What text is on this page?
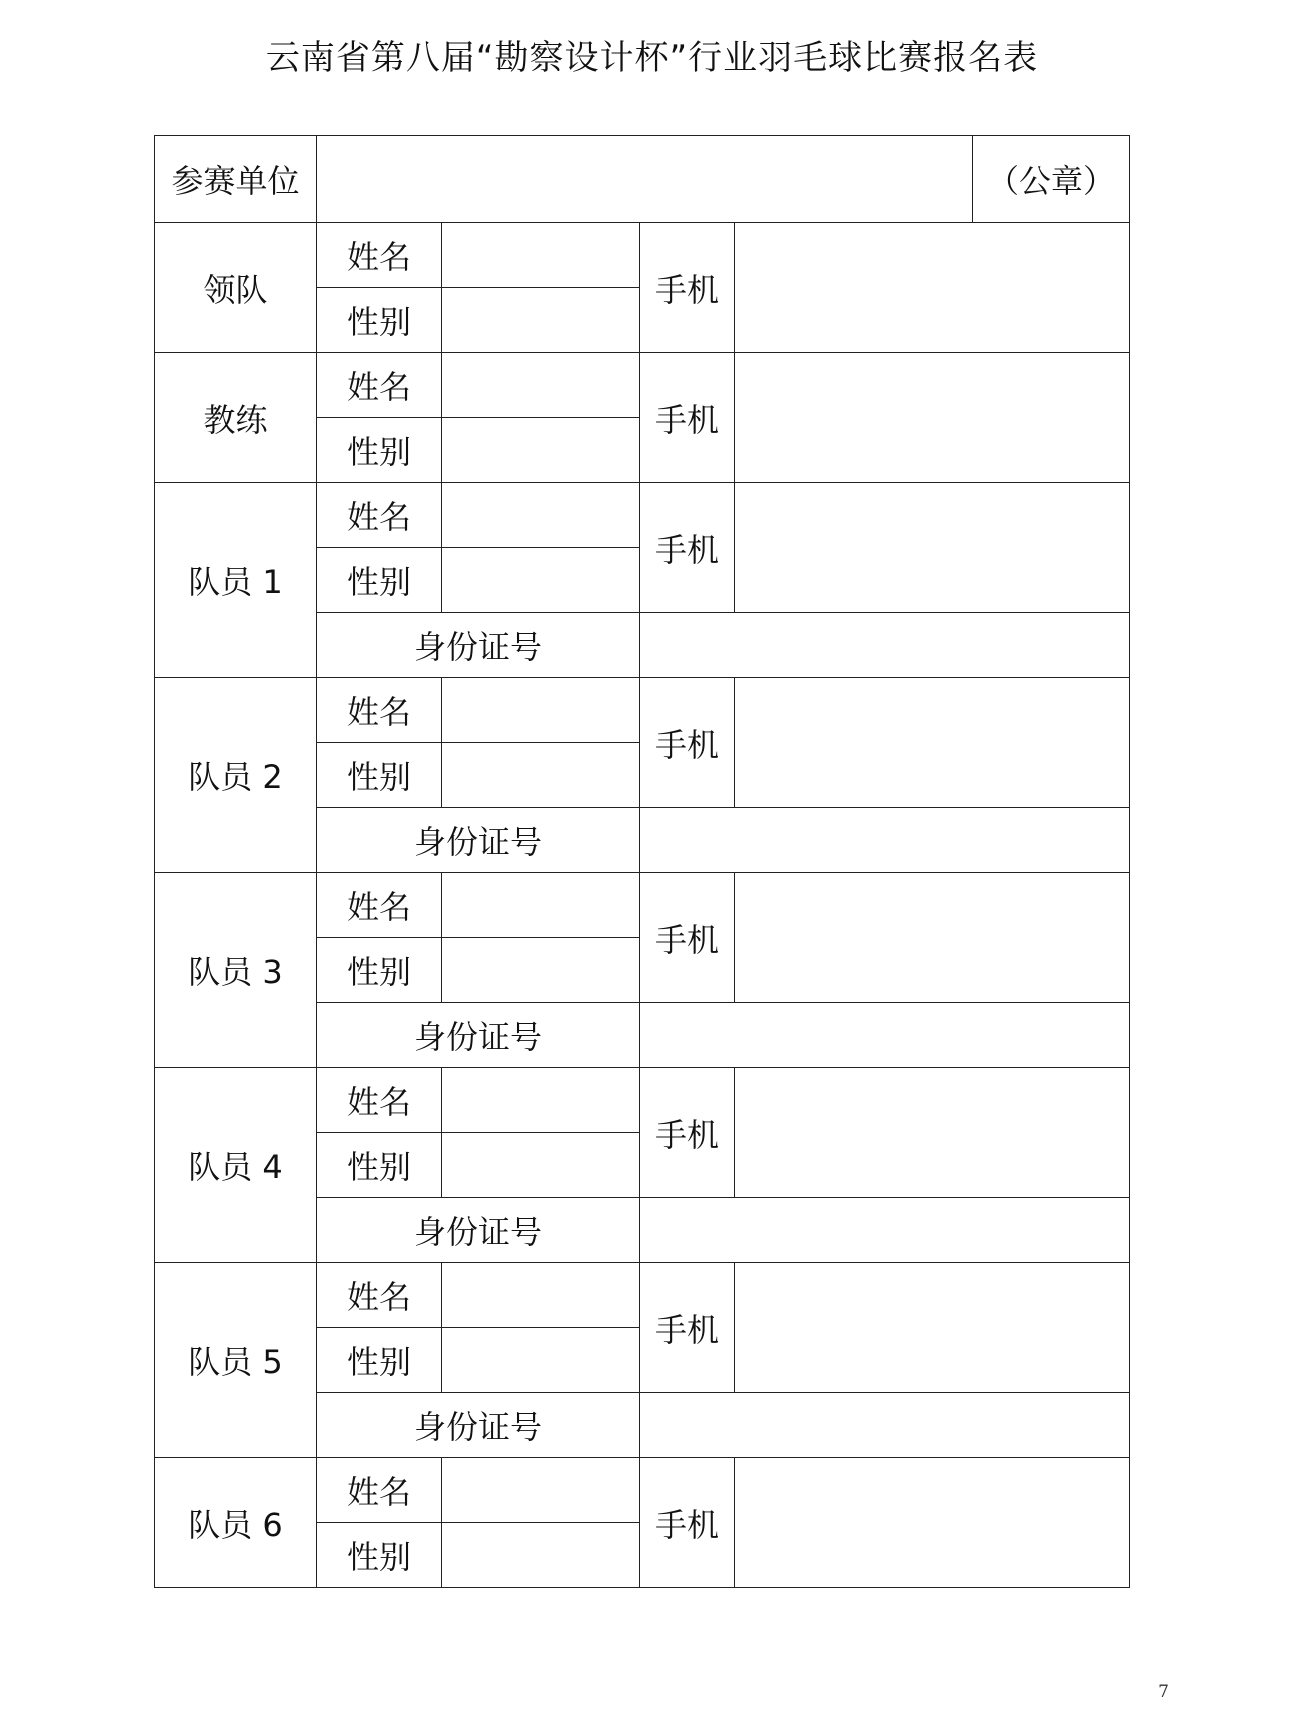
云南省第八届“勘察设计杯”行业羽毛球比赛报名表
参赛单位					（公章）
领队	姓名		手机		
	性别				
教练	姓名		手机		
	性别				
队员 1	姓名		手机		
	性别				
	身份证号				
队员 2	姓名		手机		
	性别				
	身份证号				
队员 3	姓名		手机		
	性别				
	身份证号				
队员 4	姓名		手机		
	性别				
	身份证号				
队员 5	姓名		手机		
	性别				
	身份证号				
队员 6	姓名		手机		
	性别				
7
